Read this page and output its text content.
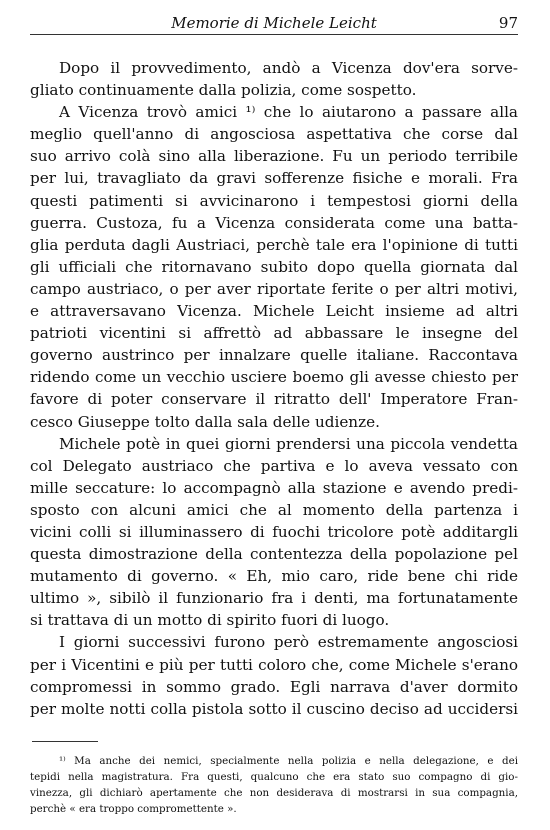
Memorie di Michele Leicht	97
Dopo il provvedimento, andò a Vicenza dov'era sorve-
gliato continuamente dalla polizia, come sospetto.
A Vicenza trovò amici ¹⁾ che lo aiutarono a passare alla
meglio quell'anno di angosciosa aspettativa che corse dal
suo arrivo colà sino alla liberazione. Fu un periodo terribile
per lui, travagliato da gravi sofferenze fisiche e morali. Fra
questi patimenti si avvicinarono i tempestosi giorni della
guerra. Custoza, fu a Vicenza considerata come una batta-
glia perduta dagli Austriaci, perchè tale era l'opinione di tutti
gli ufficiali che ritornavano subito dopo quella giornata dal
campo austriaco, o per aver riportate ferite o per altri motivi,
e attraversavano Vicenza. Michele Leicht insieme ad altri
patrioti vicentini si affrettò ad abbassare le insegne del
governo austrinco per innalzare quelle italiane. Raccontava
ridendo come un vecchio usciere boemo gli avesse chiesto per
favore di poter conservare il ritratto dell' Imperatore Fran-
cesco Giuseppe tolto dalla sala delle udienze.
Michele potè in quei giorni prendersi una piccola vendetta
col Delegato austriaco che partiva e lo aveva vessato con
mille seccature: lo accompagnò alla stazione e avendo predi-
sposto con alcuni amici che al momento della partenza i
vicini colli si illuminassero di fuochi tricolore potè additargli
questa dimostrazione della contentezza della popolazione pel
mutamento di governo. « Eh, mio caro, ride bene chi ride
ultimo », sibilò il funzionario fra i denti, ma fortunatamente
si trattava di un motto di spirito fuori di luogo.
I giorni successivi furono però estremamente angosciosi
per i Vicentini e più per tutti coloro che, come Michele s'erano
compromessi in sommo grado. Egli narrava d'aver dormito
per molte notti colla pistola sotto il cuscino deciso ad uccidersi
¹⁾ Ma anche dei nemici, specialmente nella polizia e nella delegazione, e dei
tepidi nella magistratura. Fra questi, qualcuno che era stato suo compagno di gio-
vinezza, gli dichiarò apertamente che non desiderava di mostrarsi in sua compagnia,
perchè « era troppo compromettente ».
